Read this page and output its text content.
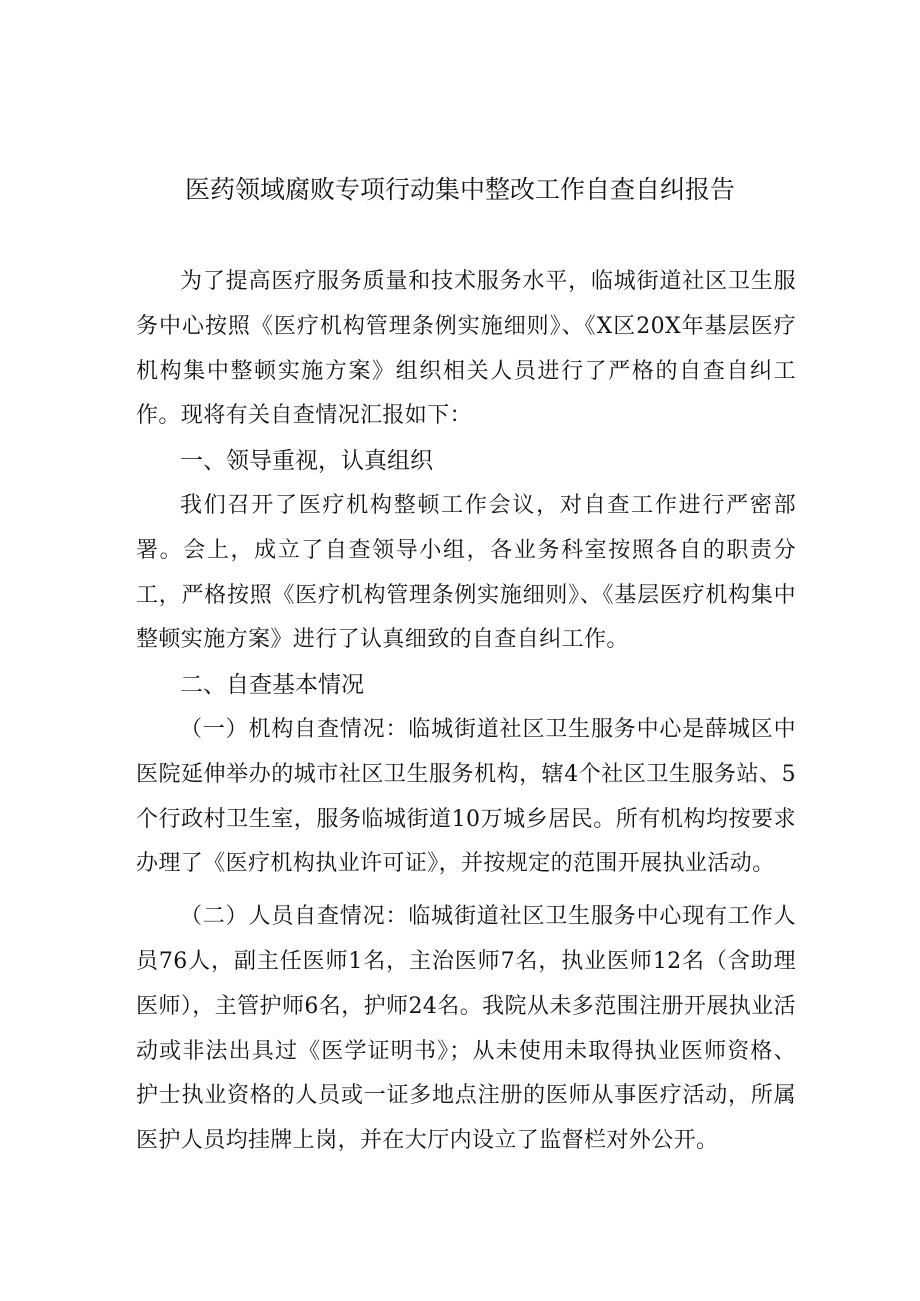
医药领域腐败专项行动集中整改工作自查自纠报告

为了提高医疗服务质量和技术服务水平，临城街道社区卫生服务中心按照《医疗机构管理条例实施细则》、《X区20X年基层医疗机构集中整顿实施方案》组织相关人员进行了严格的自查自纠工作。现将有关自查情况汇报如下：

一、领导重视，认真组织

我们召开了医疗机构整顿工作会议，对自查工作进行严密部署。会上，成立了自查领导小组，各业务科室按照各自的职责分工，严格按照《医疗机构管理条例实施细则》、《基层医疗机构集中整顿实施方案》进行了认真细致的自查自纠工作。

二、自查基本情况

（一）机构自查情况：临城街道社区卫生服务中心是薛城区中医院延伸举办的城市社区卫生服务机构，辖4个社区卫生服务站、5个行政村卫生室，服务临城街道10万城乡居民。所有机构均按要求办理了《医疗机构执业许可证》，并按规定的范围开展执业活动。

（二）人员自查情况：临城街道社区卫生服务中心现有工作人员76人，副主任医师1名，主治医师7名，执业医师12名（含助理医师），主管护师6名，护师24名。我院从未多范围注册开展执业活动或非法出具过《医学证明书》；从未使用未取得执业医师资格、护士执业资格的人员或一证多地点注册的医师从事医疗活动，所属医护人员均挂牌上岗，并在大厅内设立了监督栏对外公开。
